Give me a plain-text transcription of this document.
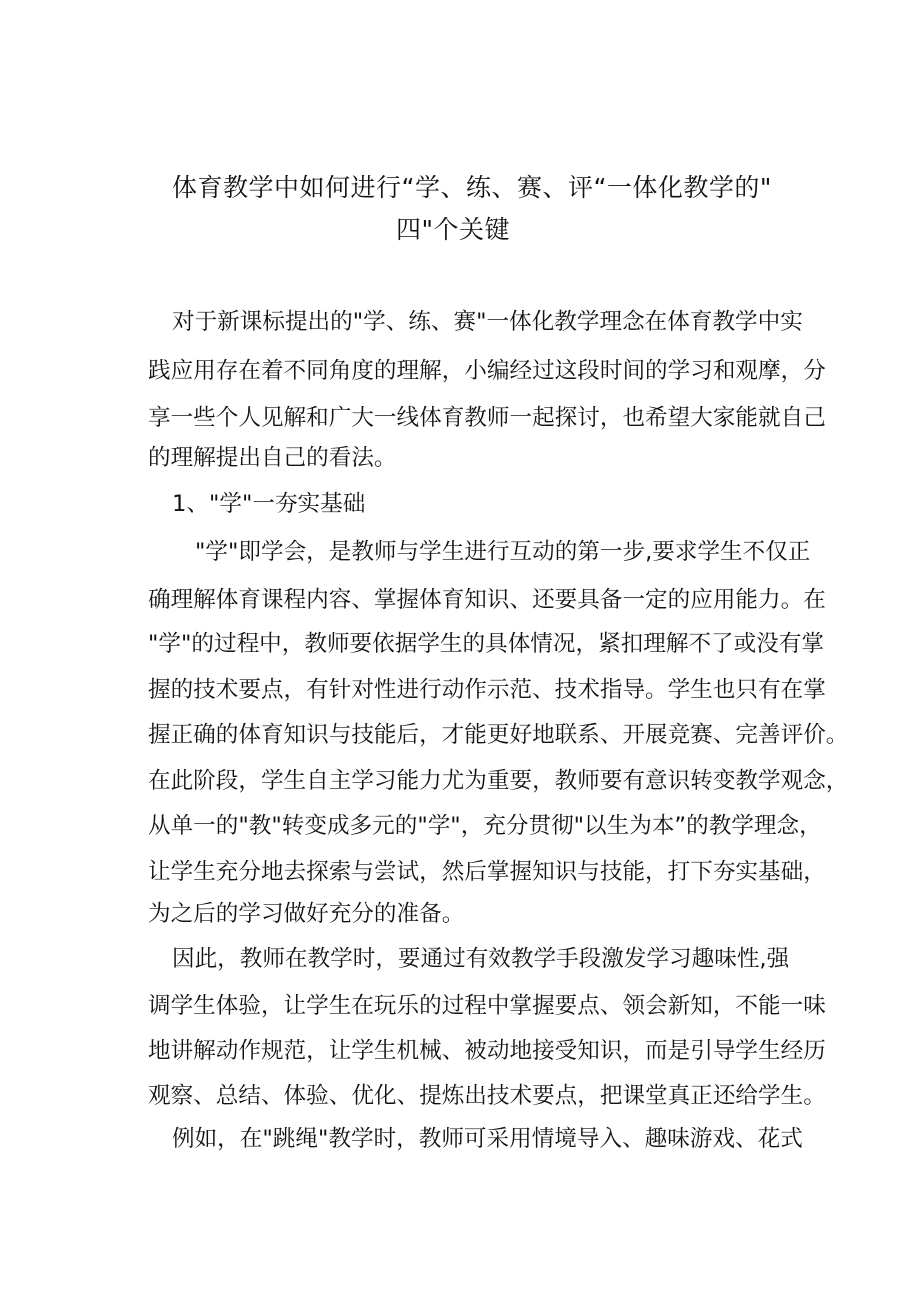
体育教学中如何进行“学、练、赛、评“一体化教学的"
四"个关键
对于新课标提出的"学、练、赛"一体化教学理念在体育教学中实
践应用存在着不同角度的理解，小编经过这段时间的学习和观摩，分
享一些个人见解和广大一线体育教师一起探讨，也希望大家能就自己
的理解提出自己的看法。
1、"学"一夯实基础
"学"即学会，是教师与学生进行互动的第一步,要求学生不仅正
确理解体育课程内容、掌握体育知识、还要具备一定的应用能力。在
"学"的过程中，教师要依据学生的具体情况，紧扣理解不了或没有掌
握的技术要点，有针对性进行动作示范、技术指导。学生也只有在掌
握正确的体育知识与技能后，才能更好地联系、开展竞赛、完善评价。
在此阶段，学生自主学习能力尤为重要，教师要有意识转变教学观念，
从单一的"教"转变成多元的"学"，充分贯彻"以生为本”的教学理念，
让学生充分地去探索与尝试，然后掌握知识与技能，打下夯实基础，
为之后的学习做好充分的准备。
因此，教师在教学时，要通过有效教学手段激发学习趣味性,强
调学生体验，让学生在玩乐的过程中掌握要点、领会新知，不能一味
地讲解动作规范，让学生机械、被动地接受知识，而是引导学生经历
观察、总结、体验、优化、提炼出技术要点，把课堂真正还给学生。
例如，在"跳绳"教学时，教师可采用情境导入、趣味游戏、花式
